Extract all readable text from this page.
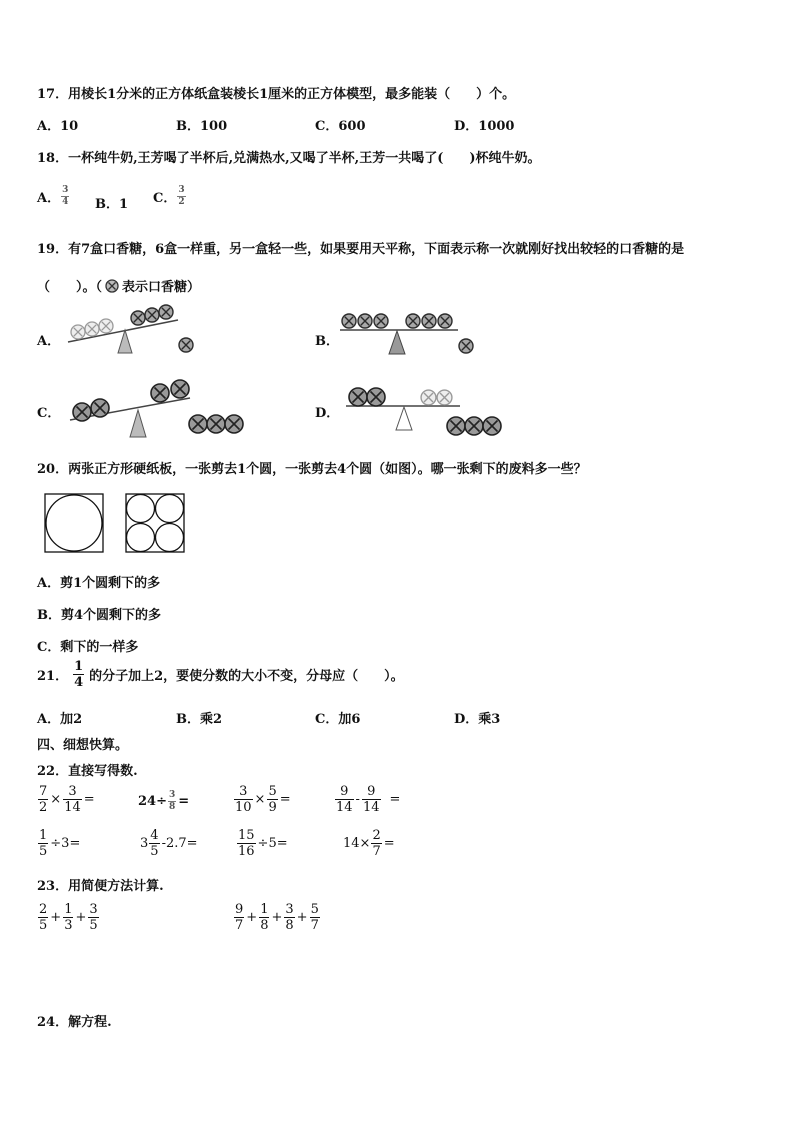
17．用棱长1分米的正方体纸盒装棱长1厘米的正方体模型，最多能装（　　）个。
A．10	B．100	C．600	D．1000
18．一杯纯牛奶,王芳喝了半杯后,兑满热水,又喝了半杯,王芳一共喝了(　　)杯纯牛奶。
A． $\frac{3}{4}$ B．1 C． $\frac{3}{2}$
19．有7盒口香糖，6盒一样重，另一盒轻一些，如果要用天平称，下面表示称一次就刚好找出较轻的口香糖的是
（　　）。（ 表示口香糖）
A．	B．
C．	D．
20．两张正方形硬纸板，一张剪去1个圆，一张剪去4个圆（如图）。哪一张剩下的废料多一些？
A．剪1个圆剩下的多
B．剪4个圆剩下的多
C．剩下的一样多
21． $\frac{1}{4}$ 的分子加上2，要使分数的大小不变，分母应（　　）。
A．加2	B．乘2	C．加6	D．乘3
四、细想快算。
22．直接写得数.
$\frac{7}{2} \times \frac{3}{14}$ =	$24\div \frac{3}{8}$ =	$\frac{3}{10} \times \frac{5}{9}$ =	$\frac{9}{14} - \frac{9}{14}$ =
$\frac{1}{5} \div 3=$	$3 \frac{4}{5} -2.7=$	$\frac{15}{16} \div 5=$	$14\times \frac{2}{7}$ =
23．用简便方法计算.
$\frac{2}{5} + \frac{1}{3} + \frac{3}{5}$	$\frac{9}{7} + \frac{1}{8} + \frac{3}{8} + \frac{5}{7}$
24．解方程.
